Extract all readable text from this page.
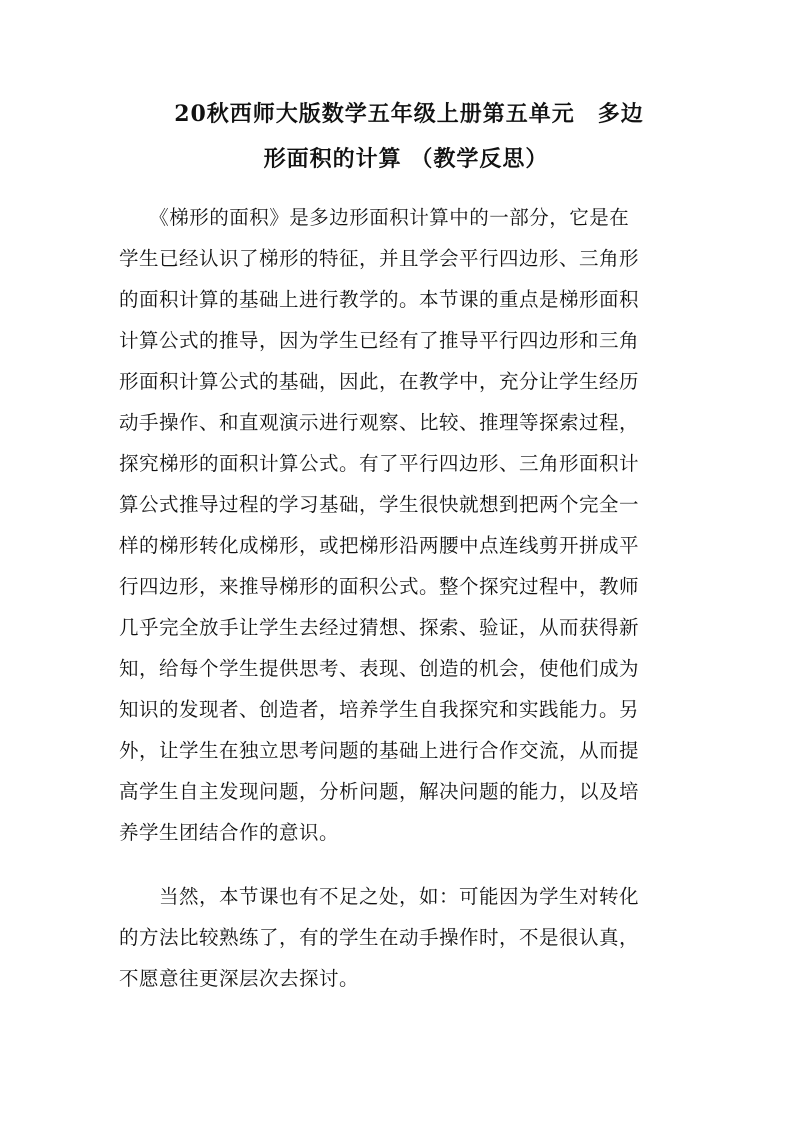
20秋西师大版数学五年级上册第五单元　多边
形面积的计算 （教学反思）
　　《梯形的面积》是多边形面积计算中的一部分，它是在
学生已经认识了梯形的特征，并且学会平行四边形、三角形
的面积计算的基础上进行教学的。本节课的重点是梯形面积
计算公式的推导，因为学生已经有了推导平行四边形和三角
形面积计算公式的基础，因此，在教学中，充分让学生经历
动手操作、和直观演示进行观察、比较、推理等探索过程，
探究梯形的面积计算公式。有了平行四边形、三角形面积计
算公式推导过程的学习基础，学生很快就想到把两个完全一
样的梯形转化成梯形，或把梯形沿两腰中点连线剪开拼成平
行四边形，来推导梯形的面积公式。整个探究过程中，教师
几乎完全放手让学生去经过猜想、探索、验证，从而获得新
知，给每个学生提供思考、表现、创造的机会，使他们成为
知识的发现者、创造者，培养学生自我探究和实践能力。另
外，让学生在独立思考问题的基础上进行合作交流，从而提
高学生自主发现问题，分析问题，解决问题的能力，以及培
养学生团结合作的意识。
　　当然，本节课也有不足之处，如：可能因为学生对转化
的方法比较熟练了，有的学生在动手操作时，不是很认真，
不愿意往更深层次去探讨。
